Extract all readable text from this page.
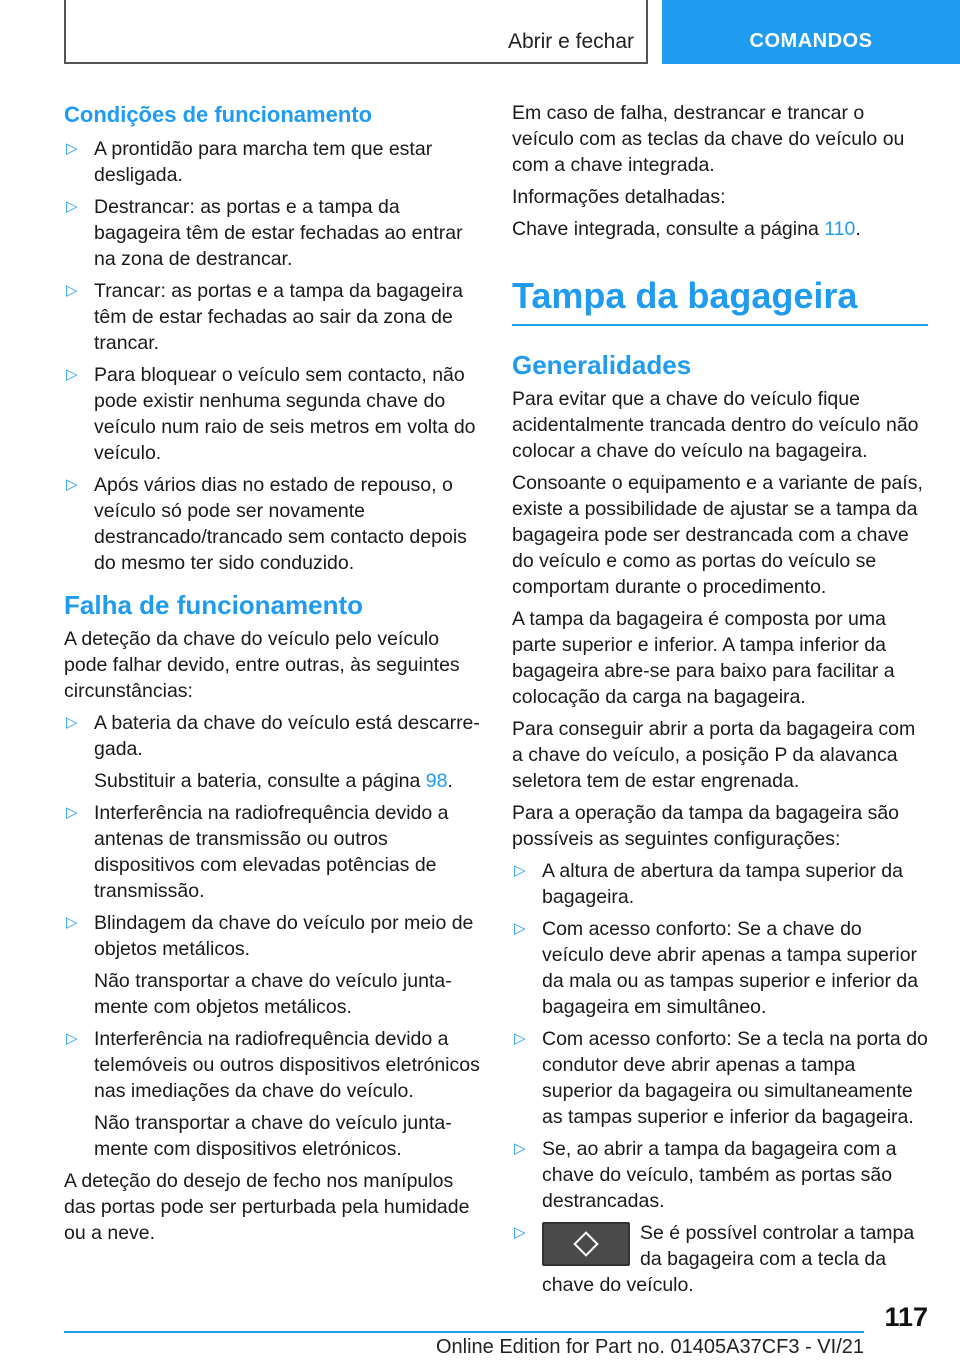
Abrir e fechar	COMANDOS
Condições de funcionamento
▷ A prontidão para marcha tem que estar desligada.
▷ Destrancar: as portas e a tampa da bagageira têm de estar fechadas ao entrar na zona de destrancar.
▷ Trancar: as portas e a tampa da bagageira têm de estar fechadas ao sair da zona de trancar.
▷ Para bloquear o veículo sem contacto, não pode existir nenhuma segunda chave do veículo num raio de seis metros em volta do veículo.
▷ Após vários dias no estado de repouso, o veículo só pode ser novamente destrancado/trancado sem contacto depois do mesmo ter sido conduzido.
Falha de funcionamento
A deteção da chave do veículo pelo veículo pode falhar devido, entre outras, às seguintes circunstâncias:
▷ A bateria da chave do veículo está descarregada.
Substituir a bateria, consulte a página 98.
▷ Interferência na radiofrequência devido a antenas de transmissão ou outros dispositivos com elevadas potências de transmissão.
▷ Blindagem da chave do veículo por meio de objetos metálicos.
Não transportar a chave do veículo juntamente com objetos metálicos.
▷ Interferência na radiofrequência devido a telemóveis ou outros dispositivos eletrónicos nas imediações da chave do veículo.
Não transportar a chave do veículo juntamente com dispositivos eletrónicos.
A deteção do desejo de fecho nos manípulos das portas pode ser perturbada pela humidade ou a neve.
Em caso de falha, destrancar e trancar o veículo com as teclas da chave do veículo ou com a chave integrada.
Informações detalhadas:
Chave integrada, consulte a página 110.
Tampa da bagageira
Generalidades
Para evitar que a chave do veículo fique acidentalmente trancada dentro do veículo não colocar a chave do veículo na bagageira.
Consoante o equipamento e a variante de país, existe a possibilidade de ajustar se a tampa da bagageira pode ser destrancada com a chave do veículo e como as portas do veículo se comportam durante o procedimento.
A tampa da bagageira é composta por uma parte superior e inferior. A tampa inferior da bagageira abre-se para baixo para facilitar a colocação da carga na bagageira.
Para conseguir abrir a porta da bagageira com a chave do veículo, a posição P da alavanca seletora tem de estar engrenada.
Para a operação da tampa da bagageira são possíveis as seguintes configurações:
▷ A altura de abertura da tampa superior da bagageira.
▷ Com acesso conforto: Se a chave do veículo deve abrir apenas a tampa superior da mala ou as tampas superior e inferior da bagageira em simultâneo.
▷ Com acesso conforto: Se a tecla na porta do condutor deve abrir apenas a tampa superior da bagageira ou simultaneamente as tampas superior e inferior da bagageira.
▷ Se, ao abrir a tampa da bagageira com a chave do veículo, também as portas são destrancadas.
▷	Se é possível controlar a tampa da bagageira com a tecla da chave do veículo.
117
Online Edition for Part no. 01405A37CF3 - VI/21
